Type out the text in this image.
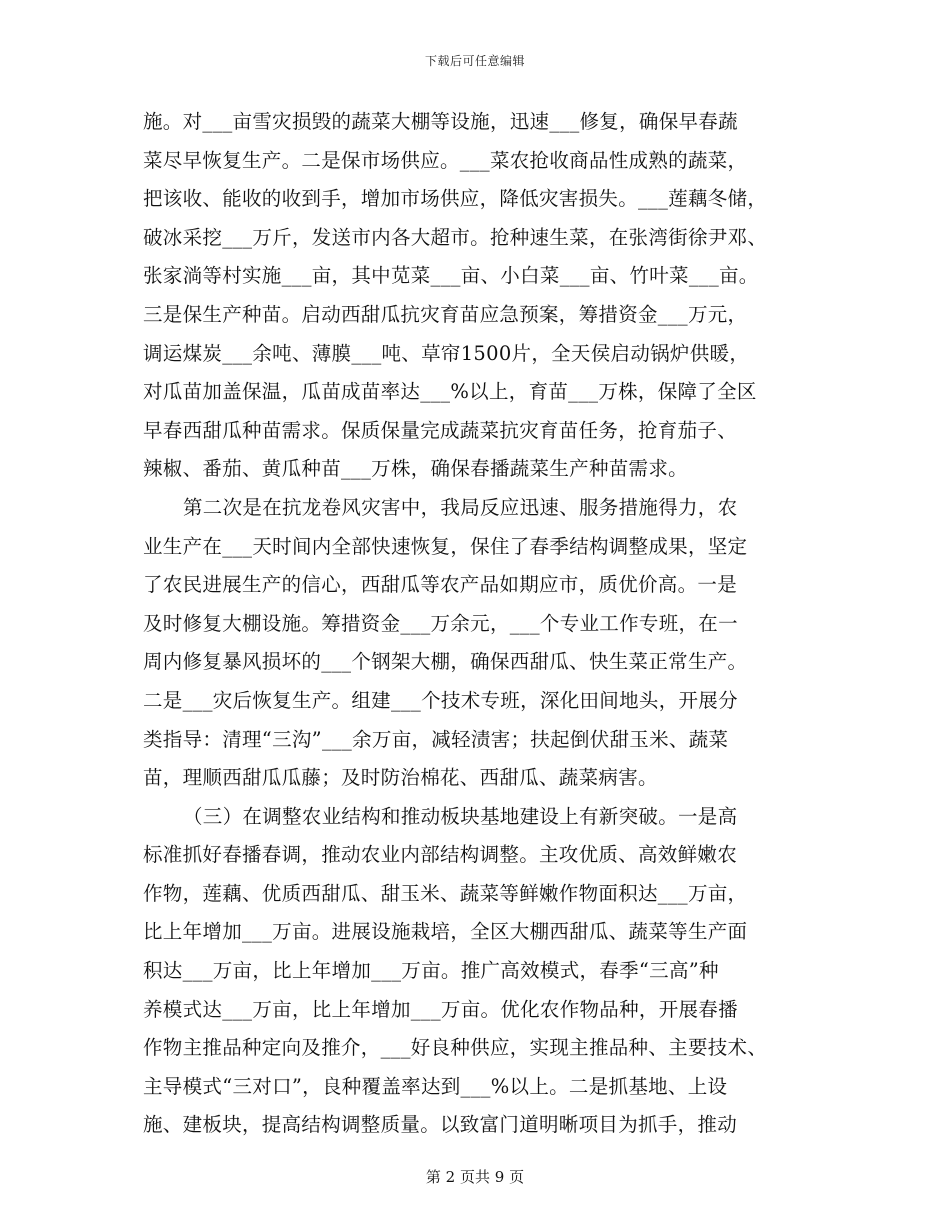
下载后可任意编辑
施。对___亩雪灾损毁的蔬菜大棚等设施，迅速___修复，确保早春蔬
菜尽早恢复生产。二是保市场供应。___菜农抢收商品性成熟的蔬菜，
把该收、能收的收到手，增加市场供应，降低灾害损失。___莲藕冬储，
破冰采挖___万斤，发送市内各大超市。抢种速生菜，在张湾街徐尹邓、
张家淌等村实施___亩，其中苋菜___亩、小白菜___亩、竹叶菜___亩。
三是保生产种苗。启动西甜瓜抗灾育苗应急预案，筹措资金___万元，
调运煤炭___余吨、薄膜___吨、草帘1500片，全天侯启动锅炉供暖，
对瓜苗加盖保温，瓜苗成苗率达___%以上，育苗___万株，保障了全区
早春西甜瓜种苗需求。保质保量完成蔬菜抗灾育苗任务，抢育茄子、
辣椒、番茄、黄瓜种苗___万株，确保春播蔬菜生产种苗需求。
第二次是在抗龙卷风灾害中，我局反应迅速、服务措施得力，农
业生产在___天时间内全部快速恢复，保住了春季结构调整成果，坚定
了农民进展生产的信心，西甜瓜等农产品如期应市，质优价高。一是
及时修复大棚设施。筹措资金___万余元，___个专业工作专班，在一
周内修复暴风损坏的___个钢架大棚，确保西甜瓜、快生菜正常生产。
二是___灾后恢复生产。组建___个技术专班，深化田间地头，开展分
类指导：清理“三沟”___余万亩，减轻渍害；扶起倒伏甜玉米、蔬菜
苗，理顺西甜瓜瓜藤；及时防治棉花、西甜瓜、蔬菜病害。
（三）在调整农业结构和推动板块基地建设上有新突破。一是高
标准抓好春播春调，推动农业内部结构调整。主攻优质、高效鲜嫩农
作物，莲藕、优质西甜瓜、甜玉米、蔬菜等鲜嫩作物面积达___万亩，
比上年增加___万亩。进展设施栽培，全区大棚西甜瓜、蔬菜等生产面
积达___万亩，比上年增加___万亩。推广高效模式，春季“三高”种
养模式达___万亩，比上年增加___万亩。优化农作物品种，开展春播
作物主推品种定向及推介，___好良种供应，实现主推品种、主要技术、
主导模式“三对口”，良种覆盖率达到___%以上。二是抓基地、上设
施、建板块，提高结构调整质量。以致富门道明晰项目为抓手，推动
第 2 页共 9 页
